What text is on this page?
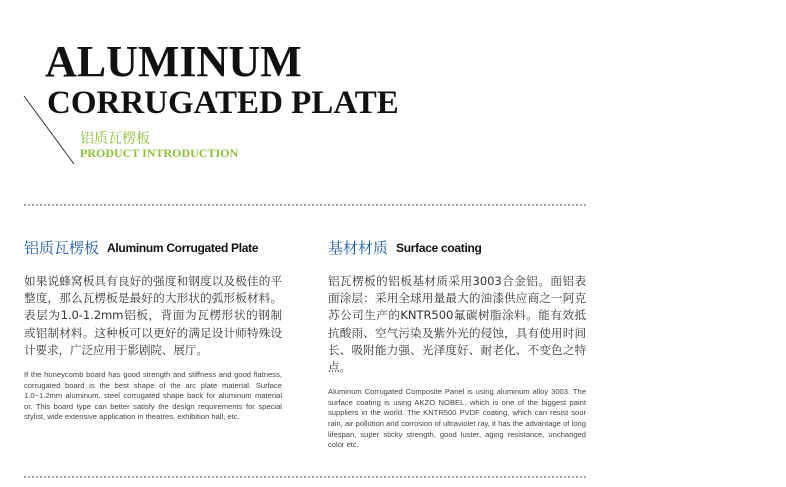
ALUMINUM
CORRUGATED PLATE

铝质瓦楞板

PRODUCT INTRODUCTION

铝质瓦楞板 Aluminum Corrugated Plate

如果说蜂窝板具有良好的强度和钢度以及极佳的平整度，那么瓦楞板是最好的大形状的弧形板材料。表层为1.0-1.2mm铝板，背面为瓦楞形状的钢制或铝制材料。这种板可以更好的满足设计师特殊设计要求，广泛应用于影剧院、展厅。

If the honeycomb board has good strength and stiffness and good flatness, corrugated board is the best shape of the arc plate material. Surface 1.0~1.2mm aluminum, steel corrugated shape back for aluminum material or. This board type can better satisfy the design requirements for special stylist, wide extensive application in theatres, exhibition hall, etc.

基材材质 Surface coating

铝瓦楞板的铝板基材质采用3003合金铝。面铝表面涂层：采用全球用量最大的油漆供应商之一阿克苏公司生产的KNTR500氟碳树脂涂料。能有效抵抗酸雨、空气污染及紫外光的侵蚀，具有使用时间长、吸附能力强、光泽度好、耐老化、不变色之特点。

Aluminum Corrugated Composite Panel is using aluminum alloy 3003. The surface coating is using AKZO NOBEL. which is one of the biggest paint suppliers in the world. The KNTR500 PVDF coating, which can resist sour rain, air pollution and corrosion of ultraviolet ray, it has the advantage of long lifespan, super sticky strength, good luster, aging resistance, unchanged color etc.
